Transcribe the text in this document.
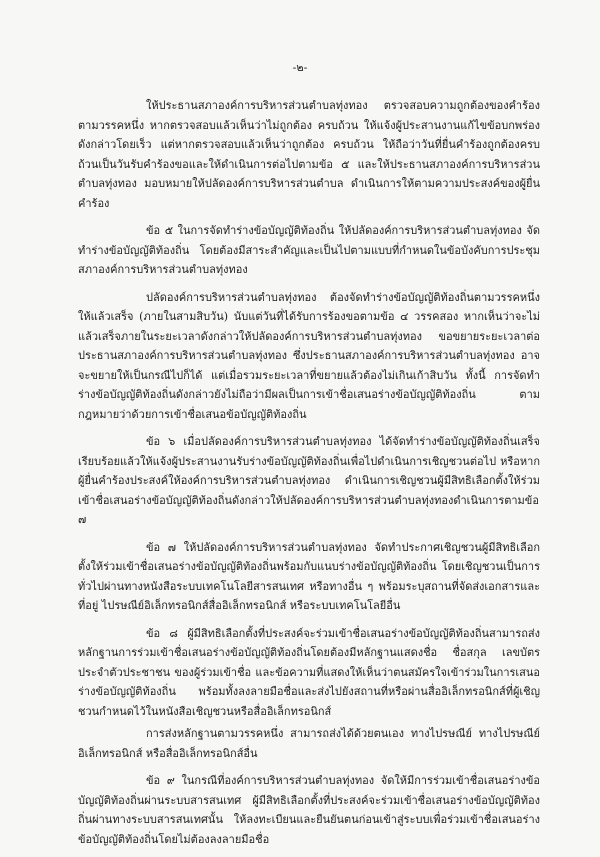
-๒-

ให้ประธานสภาองค์การบริหารส่วนตำบลทุ่งทอง ตรวจสอบความถูกต้องของคำร้องตามวรรคหนึ่ง หากตรวจสอบแล้วเห็นว่าไม่ถูกต้อง ครบถ้วน ให้แจ้งผู้ประสานงานแก้ไขข้อบกพร่องดังกล่าวโดยเร็ว แต่หากตรวจสอบแล้วเห็นว่าถูกต้อง ครบถ้วน ให้ถือว่าวันที่ยื่นคำร้องถูกต้องครบถ้วนเป็นวันรับคำร้องขอและให้ดำเนินการต่อไปตามข้อ ๕ และให้ประธานสภาองค์การบริหารส่วนตำบลทุ่งทอง มอบหมายให้ปลัดองค์การบริหารส่วนตำบล ดำเนินการให้ตามความประสงค์ของผู้ยื่นคำร้อง

ข้อ ๕ ในการจัดทำร่างข้อบัญญัติท้องถิ่น ให้ปลัดองค์การบริหารส่วนตำบลทุ่งทอง จัดทำร่างข้อบัญญัติท้องถิ่น โดยต้องมีสาระสำคัญและเป็นไปตามแบบที่กำหนดในข้อบังคับการประชุมสภาองค์การบริหารส่วนตำบลทุ่งทอง

ปลัดองค์การบริหารส่วนตำบลทุ่งทอง ต้องจัดทำร่างข้อบัญญัติท้องถิ่นตามวรรคหนึ่งให้แล้วเสร็จ (ภายในสามสิบวัน) นับแต่วันที่ได้รับการร้องขอตามข้อ ๔ วรรคสอง หากเห็นว่าจะไม่แล้วเสร็จภายในระยะเวลาดังกล่าวให้ปลัดองค์การบริหารส่วนตำบลทุ่งทอง ขอขยายระยะเวลาต่อประธานสภาองค์การบริหารส่วนตำบลทุ่งทอง ซึ่งประธานสภาองค์การบริหารส่วนตำบลทุ่งทอง อาจจะขยายให้เป็นกรณีไปก็ได้ แต่เมื่อรวมระยะเวลาที่ขยายแล้วต้องไม่เกินเก้าสิบวัน ทั้งนี้ การจัดทำร่างข้อบัญญัติท้องถิ่นดังกล่าวยังไม่ถือว่ามีผลเป็นการเข้าชื่อเสนอร่างข้อบัญญัติท้องถิ่น ตามกฎหมายว่าด้วยการเข้าชื่อเสนอข้อบัญญัติท้องถิ่น

ข้อ ๖ เมื่อปลัดองค์การบริหารส่วนตำบลทุ่งทอง ได้จัดทำร่างข้อบัญญัติท้องถิ่นเสร็จเรียบร้อยแล้วให้แจ้งผู้ประสานงานรับร่างข้อบัญญัติท้องถิ่นเพื่อไปดำเนินการเชิญชวนต่อไป หรือหากผู้ยื่นคำร้องประสงค์ให้องค์การบริหารส่วนตำบลทุ่งทอง ดำเนินการเชิญชวนผู้มีสิทธิเลือกตั้งให้ร่วมเข้าชื่อเสนอร่างข้อบัญญัติท้องถิ่นดังกล่าวให้ปลัดองค์การบริหารส่วนตำบลทุ่งทองดำเนินการตามข้อ ๗

ข้อ ๗ ให้ปลัดองค์การบริหารส่วนตำบลทุ่งทอง จัดทำประกาศเชิญชวนผู้มีสิทธิเลือกตั้งให้ร่วมเข้าชื่อเสนอร่างข้อบัญญัติท้องถิ่นพร้อมกับแนบร่างข้อบัญญัติท้องถิ่น โดยเชิญชวนเป็นการทั่วไปผ่านทางหนังสือระบบเทคโนโลยีสารสนเทศ หรือทางอื่น ๆ พร้อมระบุสถานที่จัดส่งเอกสารและที่อยู่ ไปรษณีย์อิเล็กทรอนิกส์สื่ออิเล็กทรอนิกส์ หรือระบบเทคโนโลยีอื่น

ข้อ ๘ ผู้มีสิทธิเลือกตั้งที่ประสงค์จะร่วมเข้าชื่อเสนอร่างข้อบัญญัติท้องถิ่นสามารถส่งหลักฐานการร่วมเข้าชื่อเสนอร่างข้อบัญญัติท้องถิ่นโดยต้องมีหลักฐานแสดงชื่อ ชื่อสกุล เลขบัตรประจำตัวประชาชน ของผู้ร่วมเข้าชื่อ และข้อความที่แสดงให้เห็นว่าตนสมัครใจเข้าร่วมในการเสนอร่างข้อบัญญัติท้องถิ่น พร้อมทั้งลงลายมือชื่อและส่งไปยังสถานที่หรือผ่านสื่ออิเล็กทรอนิกส์ที่ผู้เชิญชวนกำหนดไว้ในหนังสือเชิญชวนหรือสื่ออิเล็กทรอนิกส์

การส่งหลักฐานตามวรรคหนึ่ง สามารถส่งได้ด้วยตนเอง ทางไปรษณีย์ ทางไปรษณีย์อิเล็กทรอนิกส์ หรือสื่ออิเล็กทรอนิกส์อื่น

ข้อ ๙ ในกรณีที่องค์การบริหารส่วนตำบลทุ่งทอง จัดให้มีการร่วมเข้าชื่อเสนอร่างข้อบัญญัติท้องถิ่นผ่านระบบสารสนเทศ ผู้มีสิทธิเลือกตั้งที่ประสงค์จะร่วมเข้าชื่อเสนอร่างข้อบัญญัติท้องถิ่นผ่านทางระบบสารสนเทศนั้น ให้ลงทะเบียนและยืนยันตนก่อนเข้าสู่ระบบเพื่อร่วมเข้าชื่อเสนอร่างข้อบัญญัติท้องถิ่นโดยไม่ต้องลงลายมือชื่อ
